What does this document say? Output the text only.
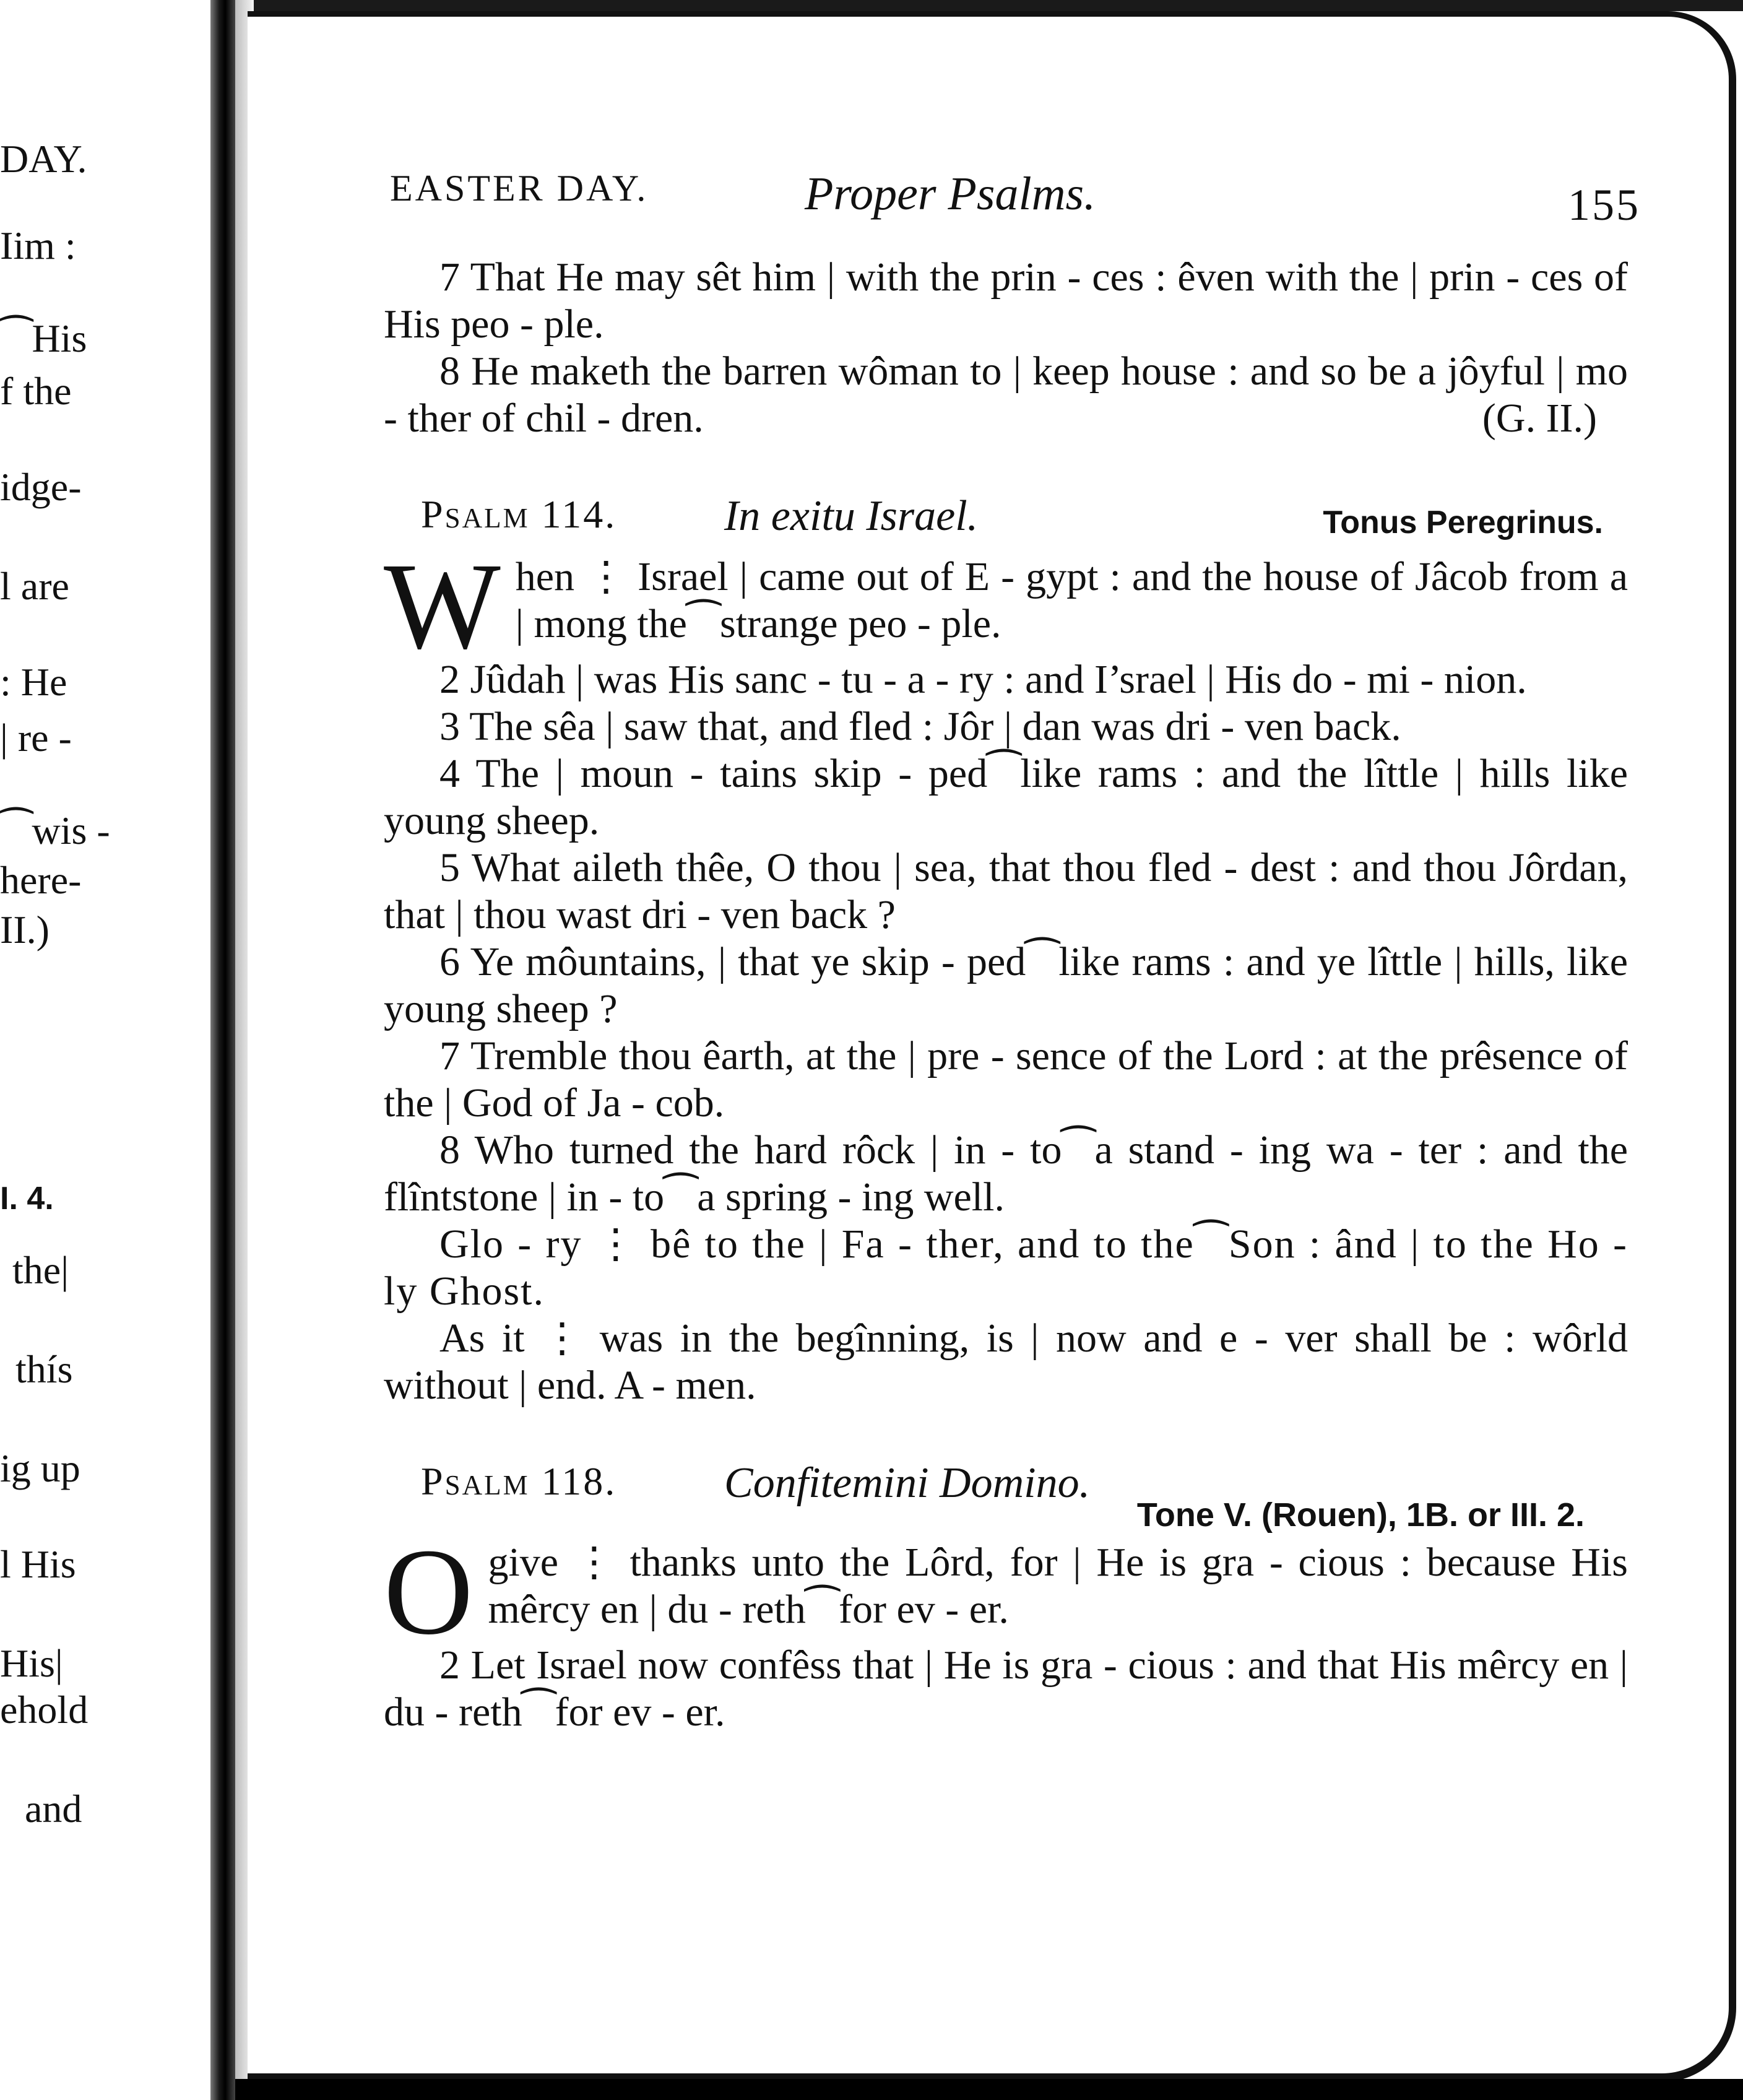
DAY.
Iim :
⁀His
f the
idge-
l are
: He
| re -
⁀wis -
here-
II.)
I. 4.
the|
thís
ig up
l His
His|
ehold
and
EASTER DAY.	Proper Psalms.	155

7 That He may sêt him | with the prin - ces : êven with the | prin - ces of His peo - ple.

8 He maketh the barren wôman to | keep house : and so be a jôyful | mo - ther of chil - dren.	(G. II.)
Psalm 114. In exitu Israel.	Tonus Peregrinus.
W hen ⋮ Israel | came out of E - gypt : and the house of Jâcob from a | mong the⁀strange peo - ple.

2 Jûdah | was His sanc - tu - a - ry : and I’srael | His do - mi - nion.

3 The sêa | saw that, and fled : Jôr | dan was dri - ven back.

4 The | moun - tains skip - ped⁀like rams : and the lîttle | hills like young sheep.

5 What aileth thêe, O thou | sea, that thou fled - dest : and thou Jôrdan, that | thou wast dri - ven back ?

6 Ye môuntains, | that ye skip - ped⁀like rams : and ye lîttle | hills, like young sheep ?

7 Tremble thou êarth, at the | pre - sence of the Lord : at the prêsence of the | God of Ja - cob.

8 Who turned the hard rôck | in - to⁀a stand - ing wa - ter : and the flîntstone | in - to⁀a spring - ing well.

Glo - ry ⋮ bê to the | Fa - ther, and to the⁀Son : ând | to the Ho - ly Ghost.

As it ⋮ was in the begînning, is | now and e - ver shall be : wôrld without | end. A - men.

Psalm 118. Confitemini Domino.
Tone V. (Rouen), 1B. or III. 2.
O give ⋮ thanks unto the Lôrd, for | He is gra - cious : because His mêrcy en | du - reth⁀for ev - er.

2 Let Israel now confêss that | He is gra - cious : and that His mêrcy en | du - reth⁀for ev - er.
